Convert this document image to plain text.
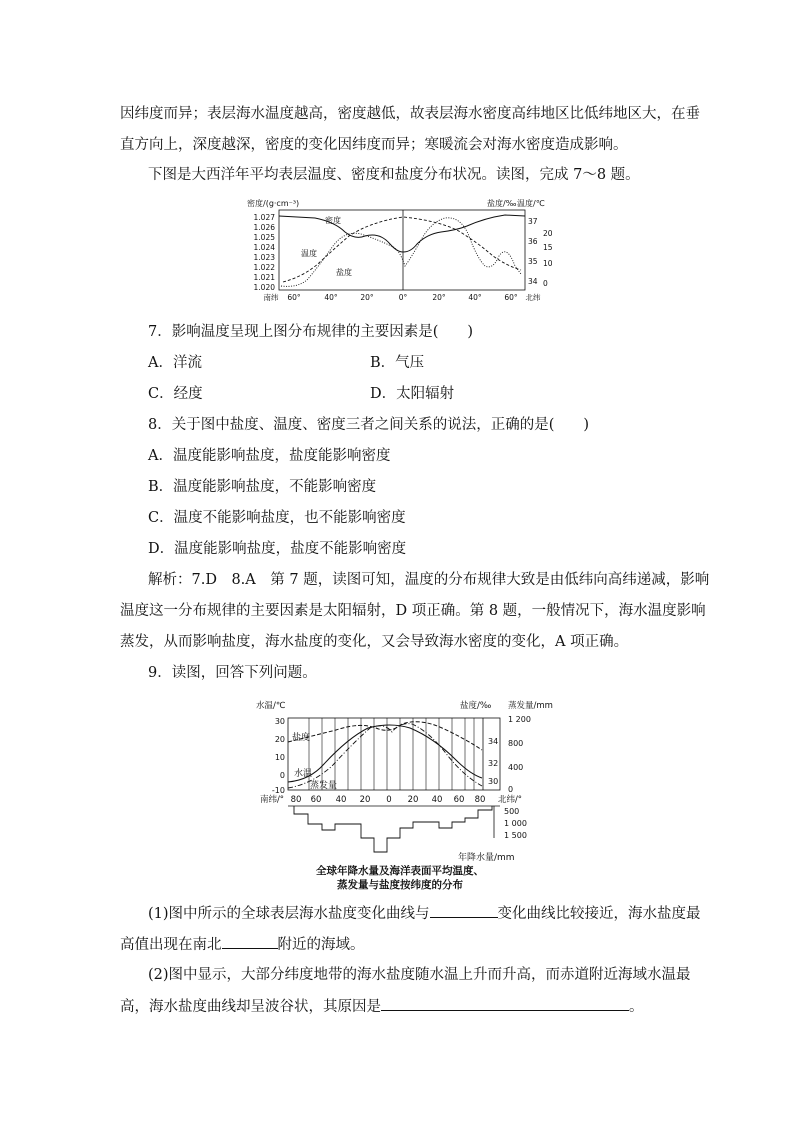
因纬度而异；表层海水温度越高，密度越低，故表层海水密度高纬地区比低纬地区大，在垂
直方向上，深度越深，密度的变化因纬度而异；寒暖流会对海水密度造成影响。
下图是大西洋年平均表层温度、密度和盐度分布状况。读图，完成 7～8 题。
密度/(g·cm⁻³)	盐度/‰ 温度/℃
1.027
1.026
1.025
1.024
1.023
1.022
1.021
1.020
37
36
35
34
20
15
10
0
南纬 60°	40°	20°	0°	20°	40°	60° 北纬
密度
温度
盐度
7．影响温度呈现上图分布规律的主要因素是(　　)
A．洋流	B．气压
C．经度	D．太阳辐射
8．关于图中盐度、温度、密度三者之间关系的说法，正确的是(　　)
A．温度能影响盐度，盐度能影响密度
B．温度能影响盐度，不能影响密度
C．温度不能影响盐度，也不能影响密度
D．温度能影响盐度，盐度不能影响密度
解析：7.D　8.A　第 7 题，读图可知，温度的分布规律大致是由低纬向高纬递减，影响
温度这一分布规律的主要因素是太阳辐射，D 项正确。第 8 题，一般情况下，海水温度影响
蒸发，从而影响盐度，海水盐度的变化，又会导致海水密度的变化，A 项正确。
9．读图，回答下列问题。
水温/℃	盐度/‰ 蒸发量/mm
30
20
10
0
-10
34
32
30
1 200
800
400
0
盐度
水温
蒸发量
南纬/° 80 60 40 20 0 20 40 60 80 北纬/°
500
1 000
1 500
年降水量/mm
全球年降水量及海洋表面平均温度、
蒸发量与盐度按纬度的分布
(1)图中所示的全球表层海水盐度变化曲线与	变化曲线比较接近，海水盐度最
高值出现在南北	附近的海域。
(2)图中显示，大部分纬度地带的海水盐度随水温上升而升高，而赤道附近海域水温最
高，海水盐度曲线却呈波谷状，其原因是	。
